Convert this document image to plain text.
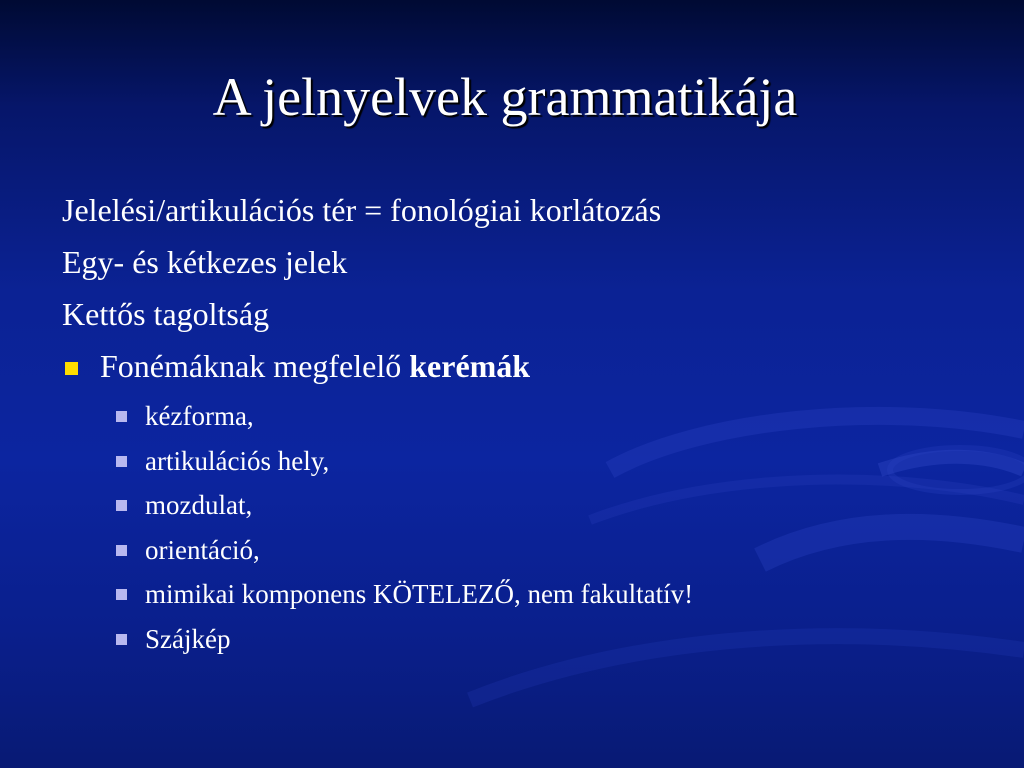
A jelnyelvek grammatikája
Jelelési/artikulációs tér = fonológiai korlátozás
Egy- és kétkezes jelek
Kettős tagoltság
Fonémáknak megfelelő kerémák
kézforma,
artikulációs hely,
mozdulat,
orientáció,
mimikai komponens KÖTELEZŐ, nem fakultatív!
Szájkép
